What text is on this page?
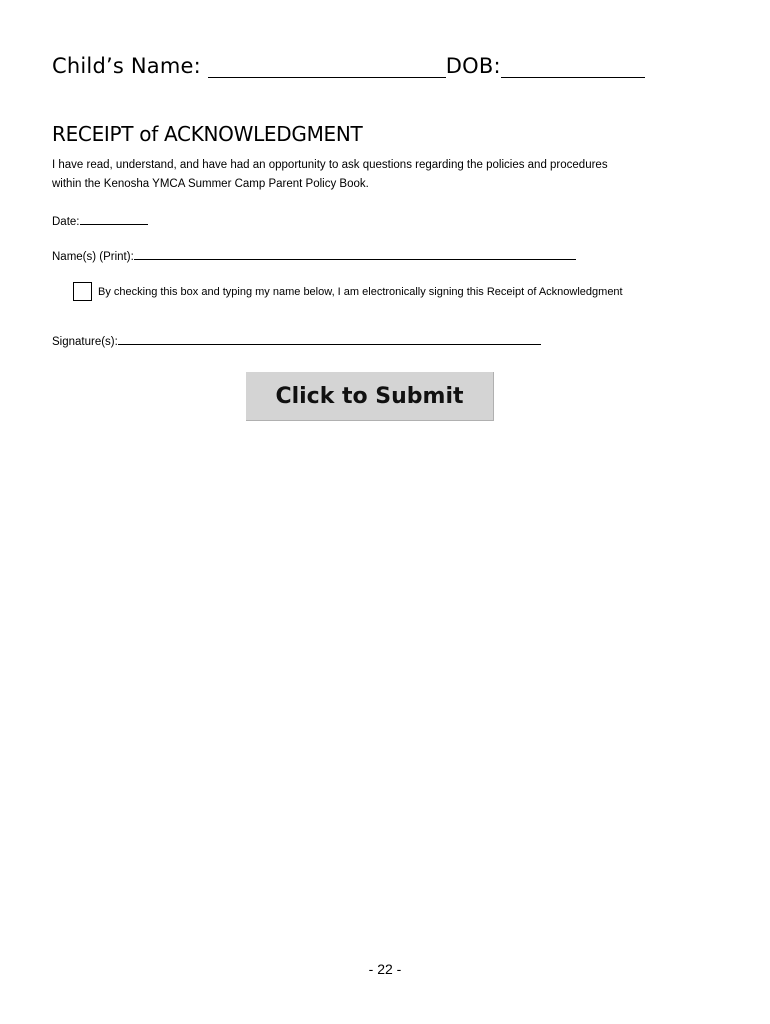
Child’s Name:	DOB:
RECEIPT of ACKNOWLEDGMENT
I have read, understand, and have had an opportunity to ask questions regarding the policies and procedures within the Kenosha YMCA Summer Camp Parent Policy Book.
Date:
Name(s) (Print):
By checking this box and typing my name below, I am electronically signing this Receipt of Acknowledgment
Signature(s):
Click to Submit
- 22 -
